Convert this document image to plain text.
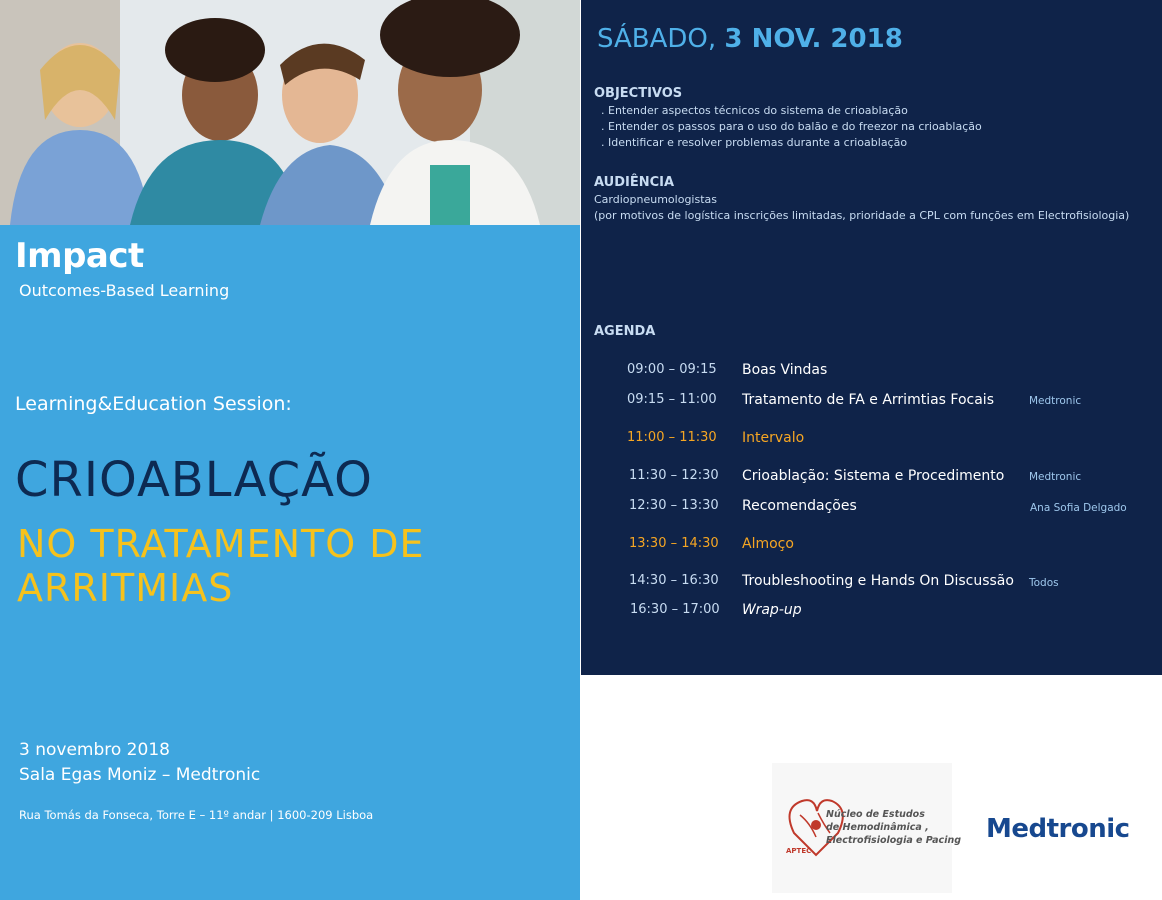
Impact
Outcomes-Based Learning
Learning&Education Session:
CRIOABLAÇÃO
NO TRATAMENTO DE
ARRITMIAS
3 novembro 2018
Sala Egas Moniz – Medtronic
Rua Tomás da Fonseca, Torre E – 11º andar | 1600-209 Lisboa
SÁBADO, 3 NOV. 2018
OBJECTIVOS
. Entender aspectos técnicos do sistema de crioablação
. Entender os passos para o uso do balão e do freezor na crioablação
. Identificar e resolver problemas durante a crioablação
AUDIÊNCIA
Cardiopneumologistas
(por motivos de logística inscrições limitadas, prioridade a CPL com funções em Electrofisiologia)
AGENDA
09:00 – 09:15 Boas Vindas
09:15 – 11:00 Tratamento de FA e Arrimtias Focais	Medtronic
11:00 – 11:30 Intervalo
11:30 – 12:30 Crioablação: Sistema e Procedimento Medtronic
12:30 – 13:30 Recomendações	Ana Sofia Delgado
13:30 – 14:30 Almoço
14:30 – 16:30 Troubleshooting e Hands On Discussão Todos
16:30 – 17:00 Wrap-up
Núcleo de Estudos
de Hemodinâmica ,
Electrofisiologia e Pacing
APTEC
Medtronic
